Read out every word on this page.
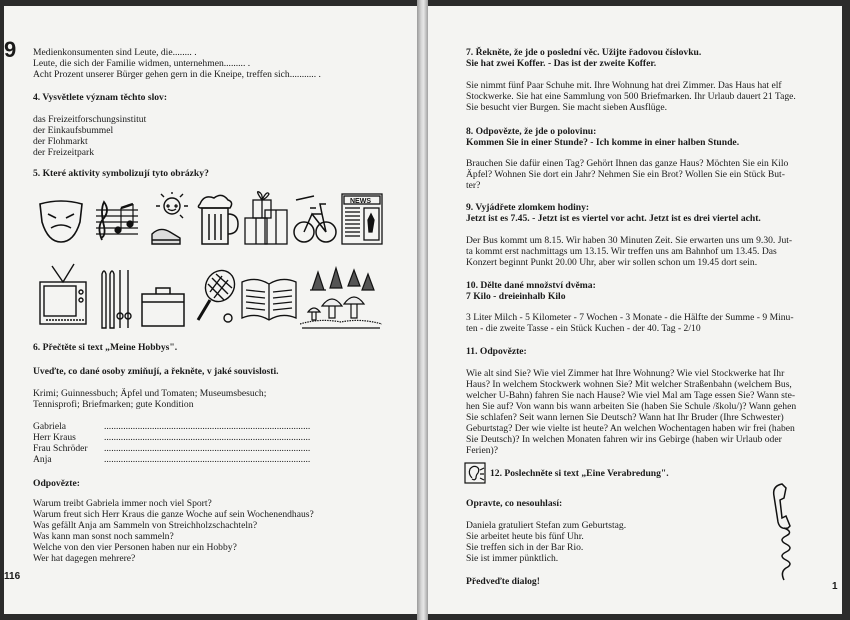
9 Medienkonsumenten sind Leute, die........ .
Leute, die sich der Familie widmen, unternehmen......... .
Acht Prozent unserer Bürger gehen gern in die Kneipe, treffen sich........... .
4. Vysvětlete význam těchto slov:
das Freizeitforschungsinstitut
der Einkaufsbummel
der Flohmarkt
der Freizeitpark
5. Které aktivity symbolizují tyto obrázky?
NEWS
6. Přečtěte si text „Meine Hobbys".
Uveďte, co dané osoby zmiňují, a řekněte, v jaké souvislosti.
Krimi; Guinnessbuch; Äpfel und Tomaten; Museumsbesuch;
Tennisprofi; Briefmarken; gute Kondition
Gabriela	......................................................................................
Herr Kraus	......................................................................................
Frau Schröder ......................................................................................
Anja	......................................................................................
Odpovězte:
Warum treibt Gabriela immer noch viel Sport?
Warum freut sich Herr Kraus die ganze Woche auf sein Wochenendhaus?
Was gefällt Anja am Sammeln von Streichholzschachteln?
Was kann man sonst noch sammeln?
Welche von den vier Personen haben nur ein Hobby?
Wer hat dagegen mehrere?
116
7. Řekněte, že jde o poslední věc. Užijte řadovou číslovku.
Sie hat zwei Koffer. - Das ist der zweite Koffer.
Sie nimmt fünf Paar Schuhe mit. Ihre Wohnung hat drei Zimmer. Das Haus hat elf
Stockwerke. Sie hat eine Sammlung von 500 Briefmarken. Ihr Urlaub dauert 21 Tage.
Sie besucht vier Burgen. Sie macht sieben Ausflüge.
8. Odpovězte, že jde o polovinu:
Kommen Sie in einer Stunde? - Ich komme in einer halben Stunde.
Brauchen Sie dafür einen Tag? Gehört Ihnen das ganze Haus? Möchten Sie ein Kilo
Äpfel? Wohnen Sie dort ein Jahr? Nehmen Sie ein Brot? Wollen Sie ein Stück But-
ter?
9. Vyjádřete zlomkem hodiny:
Jetzt ist es 7.45. - Jetzt ist es viertel vor acht. Jetzt ist es drei viertel acht.
Der Bus kommt um 8.15. Wir haben 30 Minuten Zeit. Sie erwarten uns um 9.30. Jut-
ta kommt erst nachmittags um 13.15. Wir treffen uns am Bahnhof um 13.45. Das
Konzert beginnt Punkt 20.00 Uhr, aber wir sollen schon um 19.45 dort sein.
10. Dělte dané množství dvěma:
7 Kilo - dreieinhalb Kilo
3 Liter Milch - 5 Kilometer - 7 Wochen - 3 Monate - die Hälfte der Summe - 9 Minu-
ten - die zweite Tasse - ein Stück Kuchen - der 40. Tag - 2/10
11. Odpovězte:
Wie alt sind Sie? Wie viel Zimmer hat Ihre Wohnung? Wie viel Stockwerke hat Ihr
Haus? In welchem Stockwerk wohnen Sie? Mit welcher Straßenbahn (welchem Bus,
welcher U-Bahn) fahren Sie nach Hause? Wie viel Mal am Tage essen Sie? Wann ste-
hen Sie auf? Von wann bis wann arbeiten Sie (haben Sie Schule /školu/)? Wann gehen
Sie schlafen? Seit wann lernen Sie Deutsch? Wann hat Ihr Bruder (Ihre Schwester)
Geburtstag? Der wie vielte ist heute? An welchen Wochentagen haben wir frei (haben
Sie Deutsch)? In welchen Monaten fahren wir ins Gebirge (haben wir Urlaub oder
Ferien)?
12. Poslechněte si text „Eine Verabredung".
Opravte, co nesouhlasí:
Daniela gratuliert Stefan zum Geburtstag.
Sie arbeitet heute bis fünf Uhr.
Sie treffen sich in der Bar Rio.
Sie ist immer pünktlich.
Předveďte dialog!	1
